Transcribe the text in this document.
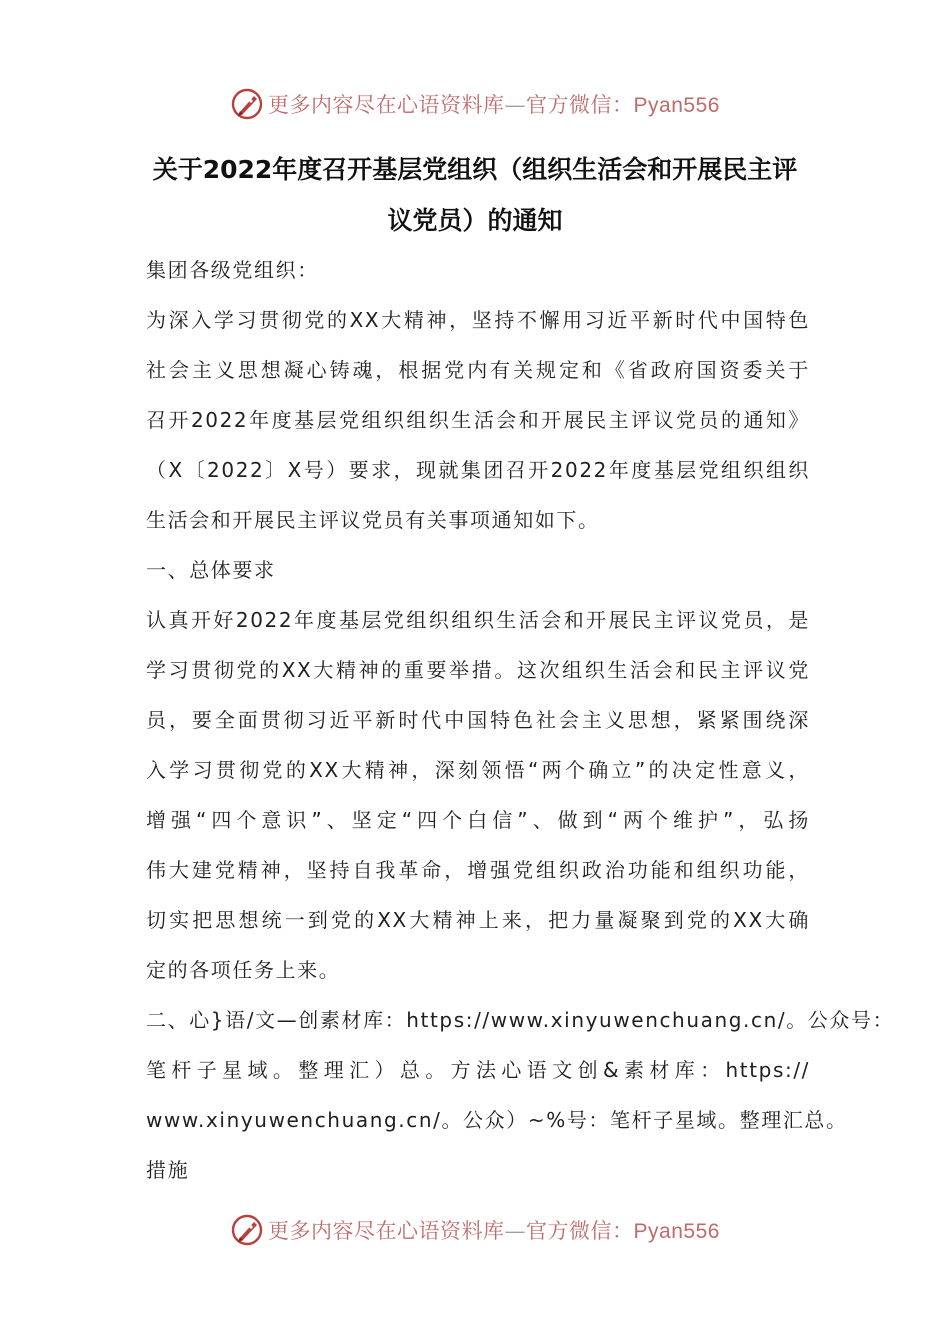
更多内容尽在心语资料库—官方微信：Pyan556
关于2022年度召开基层党组织（组织生活会和开展民主评
议党员）的通知
集团各级党组织：
为深入学习贯彻党的XX大精神，坚持不懈用习近平新时代中国特色
社会主义思想凝心铸魂，根据党内有关规定和《省政府国资委关于
召开2022年度基层党组织组织生活会和开展民主评议党员的通知》
（X〔2022〕X号）要求，现就集团召开2022年度基层党组织组织
生活会和开展民主评议党员有关事项通知如下。
一、总体要求
认真开好2022年度基层党组织组织生活会和开展民主评议党员，是
学习贯彻党的XX大精神的重要举措。这次组织生活会和民主评议党
员，要全面贯彻习近平新时代中国特色社会主义思想，紧紧围绕深
入学习贯彻党的XX大精神，深刻领悟“两个确立”的决定性意义，
增强“四个意识”、坚定“四个白信”、做到“两个维护”，弘扬
伟大建党精神，坚持自我革命，增强党组织政治功能和组织功能，
切实把思想统一到党的XX大精神上来，把力量凝聚到党的XX大确
定的各项任务上来。
二、心}语/文—创素材库：https://www.xinyuwenchuang.cn/。公众号：
笔杆子星域。整理汇）总。方法心语文创&素材库：https://
www.xinyuwenchuang.cn/。公众）~%号：笔杆子星域。整理汇总。
措施
更多内容尽在心语资料库—官方微信：Pyan556
